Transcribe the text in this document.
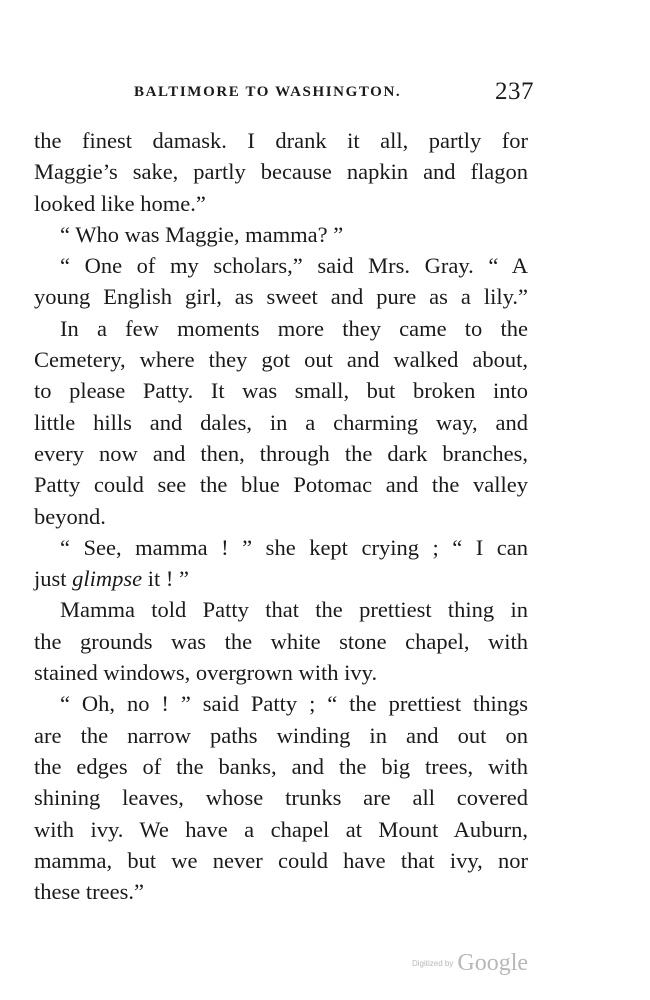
BALTIMORE TO WASHINGTON.	237
the finest damask. I drank it all, partly for
Maggie’s sake, partly because napkin and flagon
looked like home.”
“ Who was Maggie, mamma? ”
“ One of my scholars,” said Mrs. Gray. “ A
young English girl, as sweet and pure as a lily.”
In a few moments more they came to the
Cemetery, where they got out and walked about,
to please Patty. It was small, but broken into
little hills and dales, in a charming way, and
every now and then, through the dark branches,
Patty could see the blue Potomac and the valley
beyond.
“ See, mamma ! ” she kept crying ; “ I can
just glimpse it ! ”
Mamma told Patty that the prettiest thing in
the grounds was the white stone chapel, with
stained windows, overgrown with ivy.
“ Oh, no ! ” said Patty ; “ the prettiest things
are the narrow paths winding in and out on
the edges of the banks, and the big trees, with
shining leaves, whose trunks are all covered
with ivy. We have a chapel at Mount Auburn,
mamma, but we never could have that ivy, nor
these trees.”
Digitized by Google
